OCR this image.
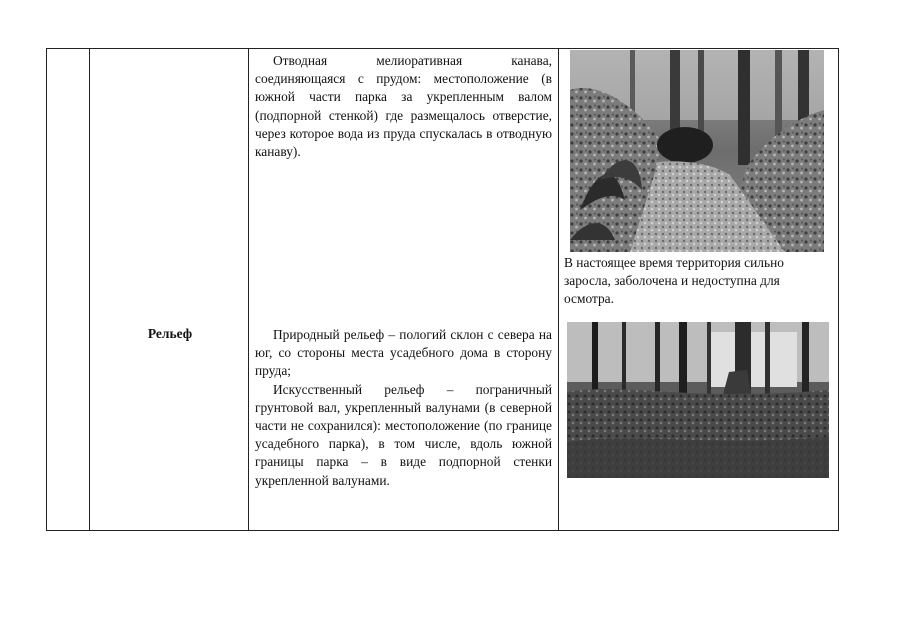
Отводная мелиоративная канава, соединяющаяся с прудом: местоположение (в южной части парка за укрепленным валом (подпорной стенкой) где размещалось отверстие, через которое вода из пруда спускалась в отводную канаву).

В настоящее время территория сильно заросла, заболочена и недоступна для осмотра.
Рельеф	Природный рельеф – пологий склон с севера на юг, со стороны места усадебного дома в сторону пруда;

Искусственный рельеф – пограничный грунтовой вал, укрепленный валунами (в северной части не сохранился): местоположение (по границе усадебного парка), в том числе, вдоль южной границы парка – в виде подпорной стенки укрепленной валунами.
